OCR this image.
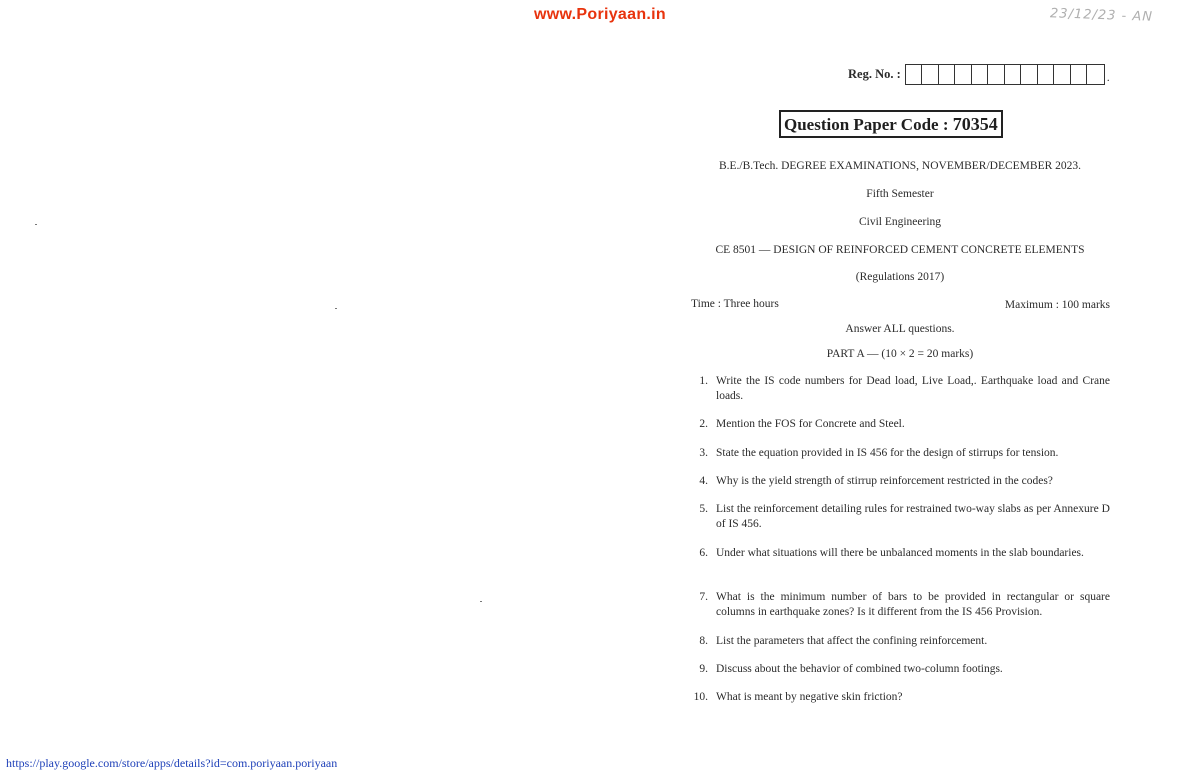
www.Poriyaan.in	23/12/23 - AN
Reg. No. :	.
Question Paper Code : 70354
B.E./B.Tech. DEGREE EXAMINATIONS, NOVEMBER/DECEMBER 2023.
Fifth Semester
Civil Engineering
CE 8501 — DESIGN OF REINFORCED CEMENT CONCRETE ELEMENTS
(Regulations 2017)
Time : Three hours	Maximum : 100 marks
Answer ALL questions.
PART A — (10 × 2 = 20 marks)
1. Write the IS code numbers for Dead load, Live Load,. Earthquake load and Crane loads.
2. Mention the FOS for Concrete and Steel.
3. State the equation provided in IS 456 for the design of stirrups for tension.
4. Why is the yield strength of stirrup reinforcement restricted in the codes?
5. List the reinforcement detailing rules for restrained two-way slabs as per Annexure D of IS 456.
6. Under what situations will there be unbalanced moments in the slab boundaries.
7. What is the minimum number of bars to be provided in rectangular or square columns in earthquake zones? Is it different from the IS 456 Provision.
8. List the parameters that affect the confining reinforcement.
9. Discuss about the behavior of combined two-column footings.
10. What is meant by negative skin friction?
https://play.google.com/store/apps/details?id=com.poriyaan.poriyaan
